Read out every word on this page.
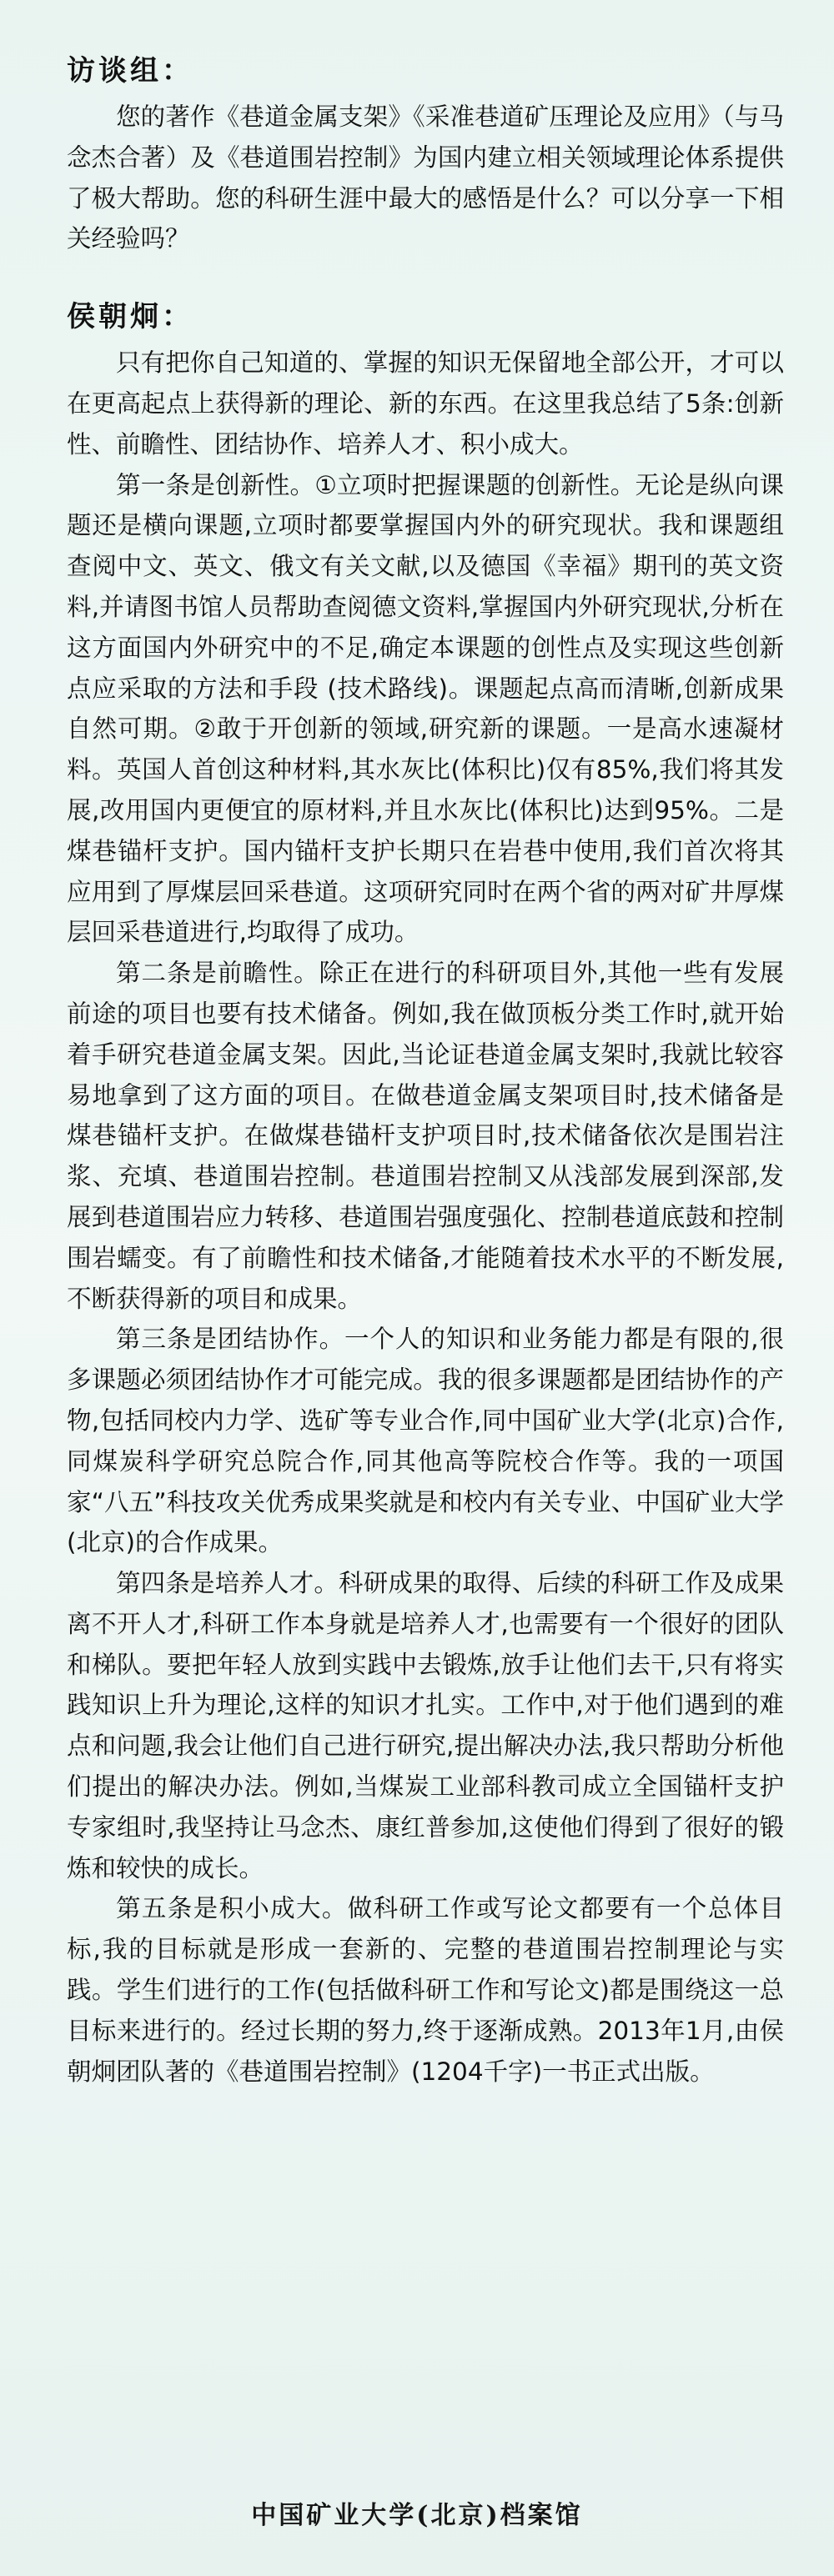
访谈组：

您的著作《巷道金属支架》《采准巷道矿压理论及应用》（与马念杰合著）及《巷道围岩控制》为国内建立相关领域理论体系提供了极大帮助。您的科研生涯中最大的感悟是什么？可以分享一下相关经验吗？

侯朝炯：

只有把你自己知道的、掌握的知识无保留地全部公开，才可以在更高起点上获得新的理论、新的东西。在这里我总结了5条:创新性、前瞻性、团结协作、培养人才、积小成大。

第一条是创新性。①立项时把握课题的创新性。无论是纵向课题还是横向课题,立项时都要掌握国内外的研究现状。我和课题组查阅中文、英文、俄文有关文献,以及德国《幸福》期刊的英文资料,并请图书馆人员帮助查阅德文资料,掌握国内外研究现状,分析在这方面国内外研究中的不足,确定本课题的创性点及实现这些创新点应采取的方法和手段 (技术路线)。课题起点高而清晰,创新成果自然可期。②敢于开创新的领域,研究新的课题。一是高水速凝材料。英国人首创这种材料,其水灰比(体积比)仅有85%,我们将其发展,改用国内更便宜的原材料,并且水灰比(体积比)达到95%。二是煤巷锚杆支护。国内锚杆支护长期只在岩巷中使用,我们首次将其应用到了厚煤层回采巷道。这项研究同时在两个省的两对矿井厚煤层回采巷道进行,均取得了成功。

第二条是前瞻性。除正在进行的科研项目外,其他一些有发展前途的项目也要有技术储备。例如,我在做顶板分类工作时,就开始着手研究巷道金属支架。因此,当论证巷道金属支架时,我就比较容易地拿到了这方面的项目。在做巷道金属支架项目时,技术储备是煤巷锚杆支护。在做煤巷锚杆支护项目时,技术储备依次是围岩注浆、充填、巷道围岩控制。巷道围岩控制又从浅部发展到深部,发展到巷道围岩应力转移、巷道围岩强度强化、控制巷道底鼓和控制围岩蠕变。有了前瞻性和技术储备,才能随着技术水平的不断发展,不断获得新的项目和成果。

第三条是团结协作。一个人的知识和业务能力都是有限的,很多课题必须团结协作才可能完成。我的很多课题都是团结协作的产物,包括同校内力学、选矿等专业合作,同中国矿业大学(北京)合作,同煤炭科学研究总院合作,同其他高等院校合作等。我的一项国家“八五”科技攻关优秀成果奖就是和校内有关专业、中国矿业大学(北京)的合作成果。

第四条是培养人才。科研成果的取得、后续的科研工作及成果离不开人才,科研工作本身就是培养人才,也需要有一个很好的团队和梯队。要把年轻人放到实践中去锻炼,放手让他们去干,只有将实践知识上升为理论,这样的知识才扎实。工作中,对于他们遇到的难点和问题,我会让他们自己进行研究,提出解决办法,我只帮助分析他们提出的解决办法。例如,当煤炭工业部科教司成立全国锚杆支护专家组时,我坚持让马念杰、康红普参加,这使他们得到了很好的锻炼和较快的成长。

第五条是积小成大。做科研工作或写论文都要有一个总体目标,我的目标就是形成一套新的、完整的巷道围岩控制理论与实践。学生们进行的工作(包括做科研工作和写论文)都是围绕这一总目标来进行的。经过长期的努力,终于逐渐成熟。2013年1月,由侯朝炯团队著的《巷道围岩控制》(1204千字)一书正式出版。

中国矿业大学(北京)档案馆
